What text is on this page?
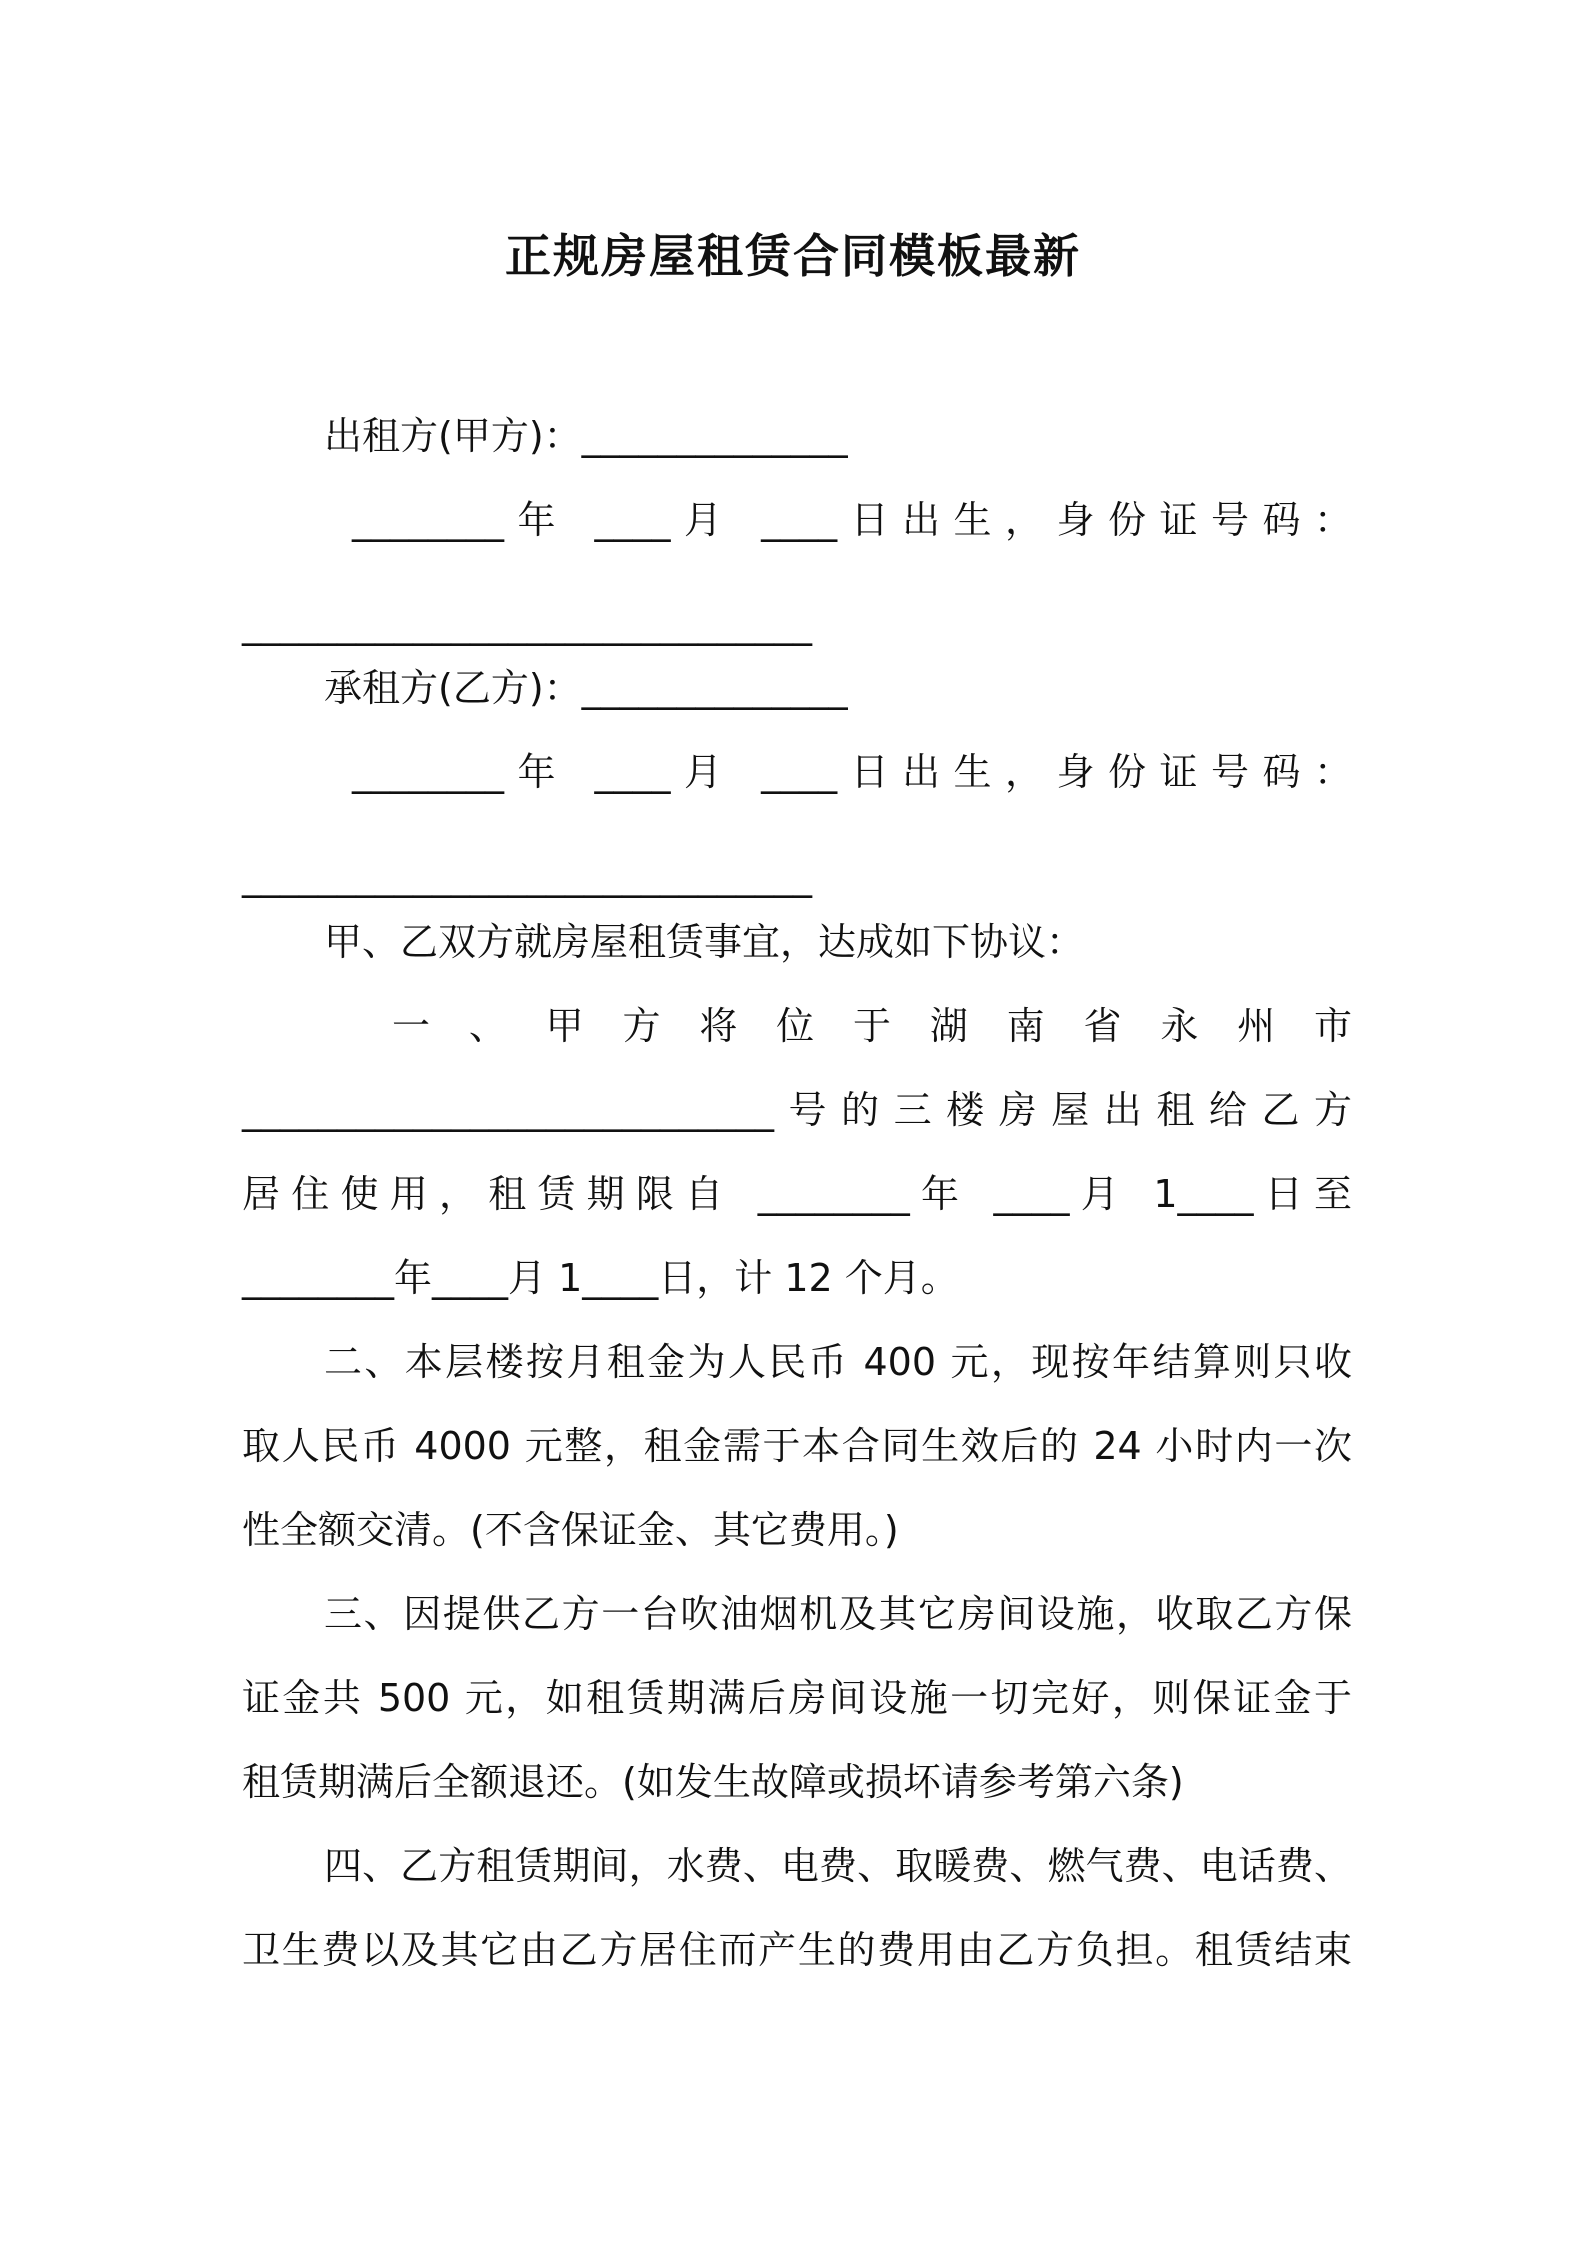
正规房屋租赁合同模板最新
出租方(甲方)：______________
________年 ____月 ____日出生，身份证号码：
______________________________
承租方(乙方)：______________
________年 ____月 ____日出生，身份证号码：
______________________________
甲、乙双方就房屋租赁事宜，达成如下协议：
一、甲方将位于湖南省永州市
____________________________号的三楼房屋出租给乙方
居住使用，租赁期限自 ________年 ____月 1____日至
________年____月 1____日，计 12 个月。
二、本层楼按月租金为人民币 400 元，现按年结算则只收
取人民币 4000 元整，租金需于本合同生效后的 24 小时内一次
性全额交清。(不含保证金、其它费用。)
三、因提供乙方一台吹油烟机及其它房间设施，收取乙方保
证金共 500 元，如租赁期满后房间设施一切完好，则保证金于
租赁期满后全额退还。(如发生故障或损坏请参考第六条)
四、乙方租赁期间，水费、电费、取暖费、燃气费、电话费、
卫生费以及其它由乙方居住而产生的费用由乙方负担。租赁结束
